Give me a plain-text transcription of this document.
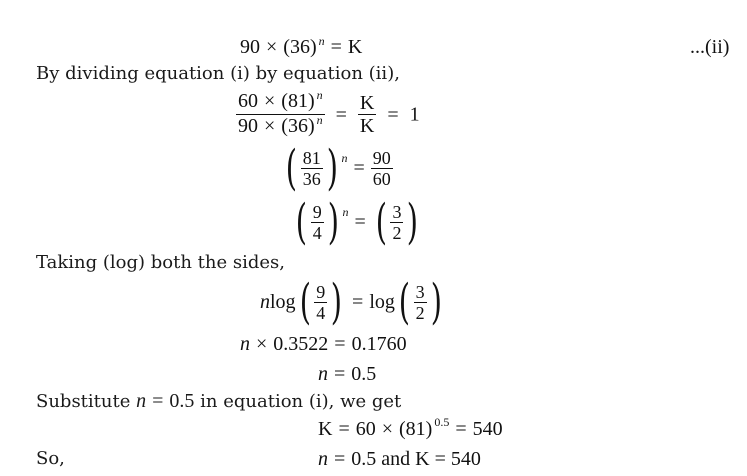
90 × (36) $^n$ = K	...(ii)
By dividing equation (i) by equation (ii),
$\frac{60 \times (81) ^n}{90 \times (36) ^n} = \frac{K}{K} = 1$
( $\frac{81}{36}$ ) $n = \frac{90}{60}$
( $\frac{9}{4}$ ) n = ( $\frac{3}{2}$ )
Taking (log) both the sides,
n log ( $\frac{9}{4}$ ) = log ( $\frac{3}{2}$ )
n × 0.3522 = 0.1760
n = 0.5
Substitute n = 0.5 in equation (i), we get
K = 60 × (81) $^{0.5}$ = 540
So,	n = 0.5 and K = 540
